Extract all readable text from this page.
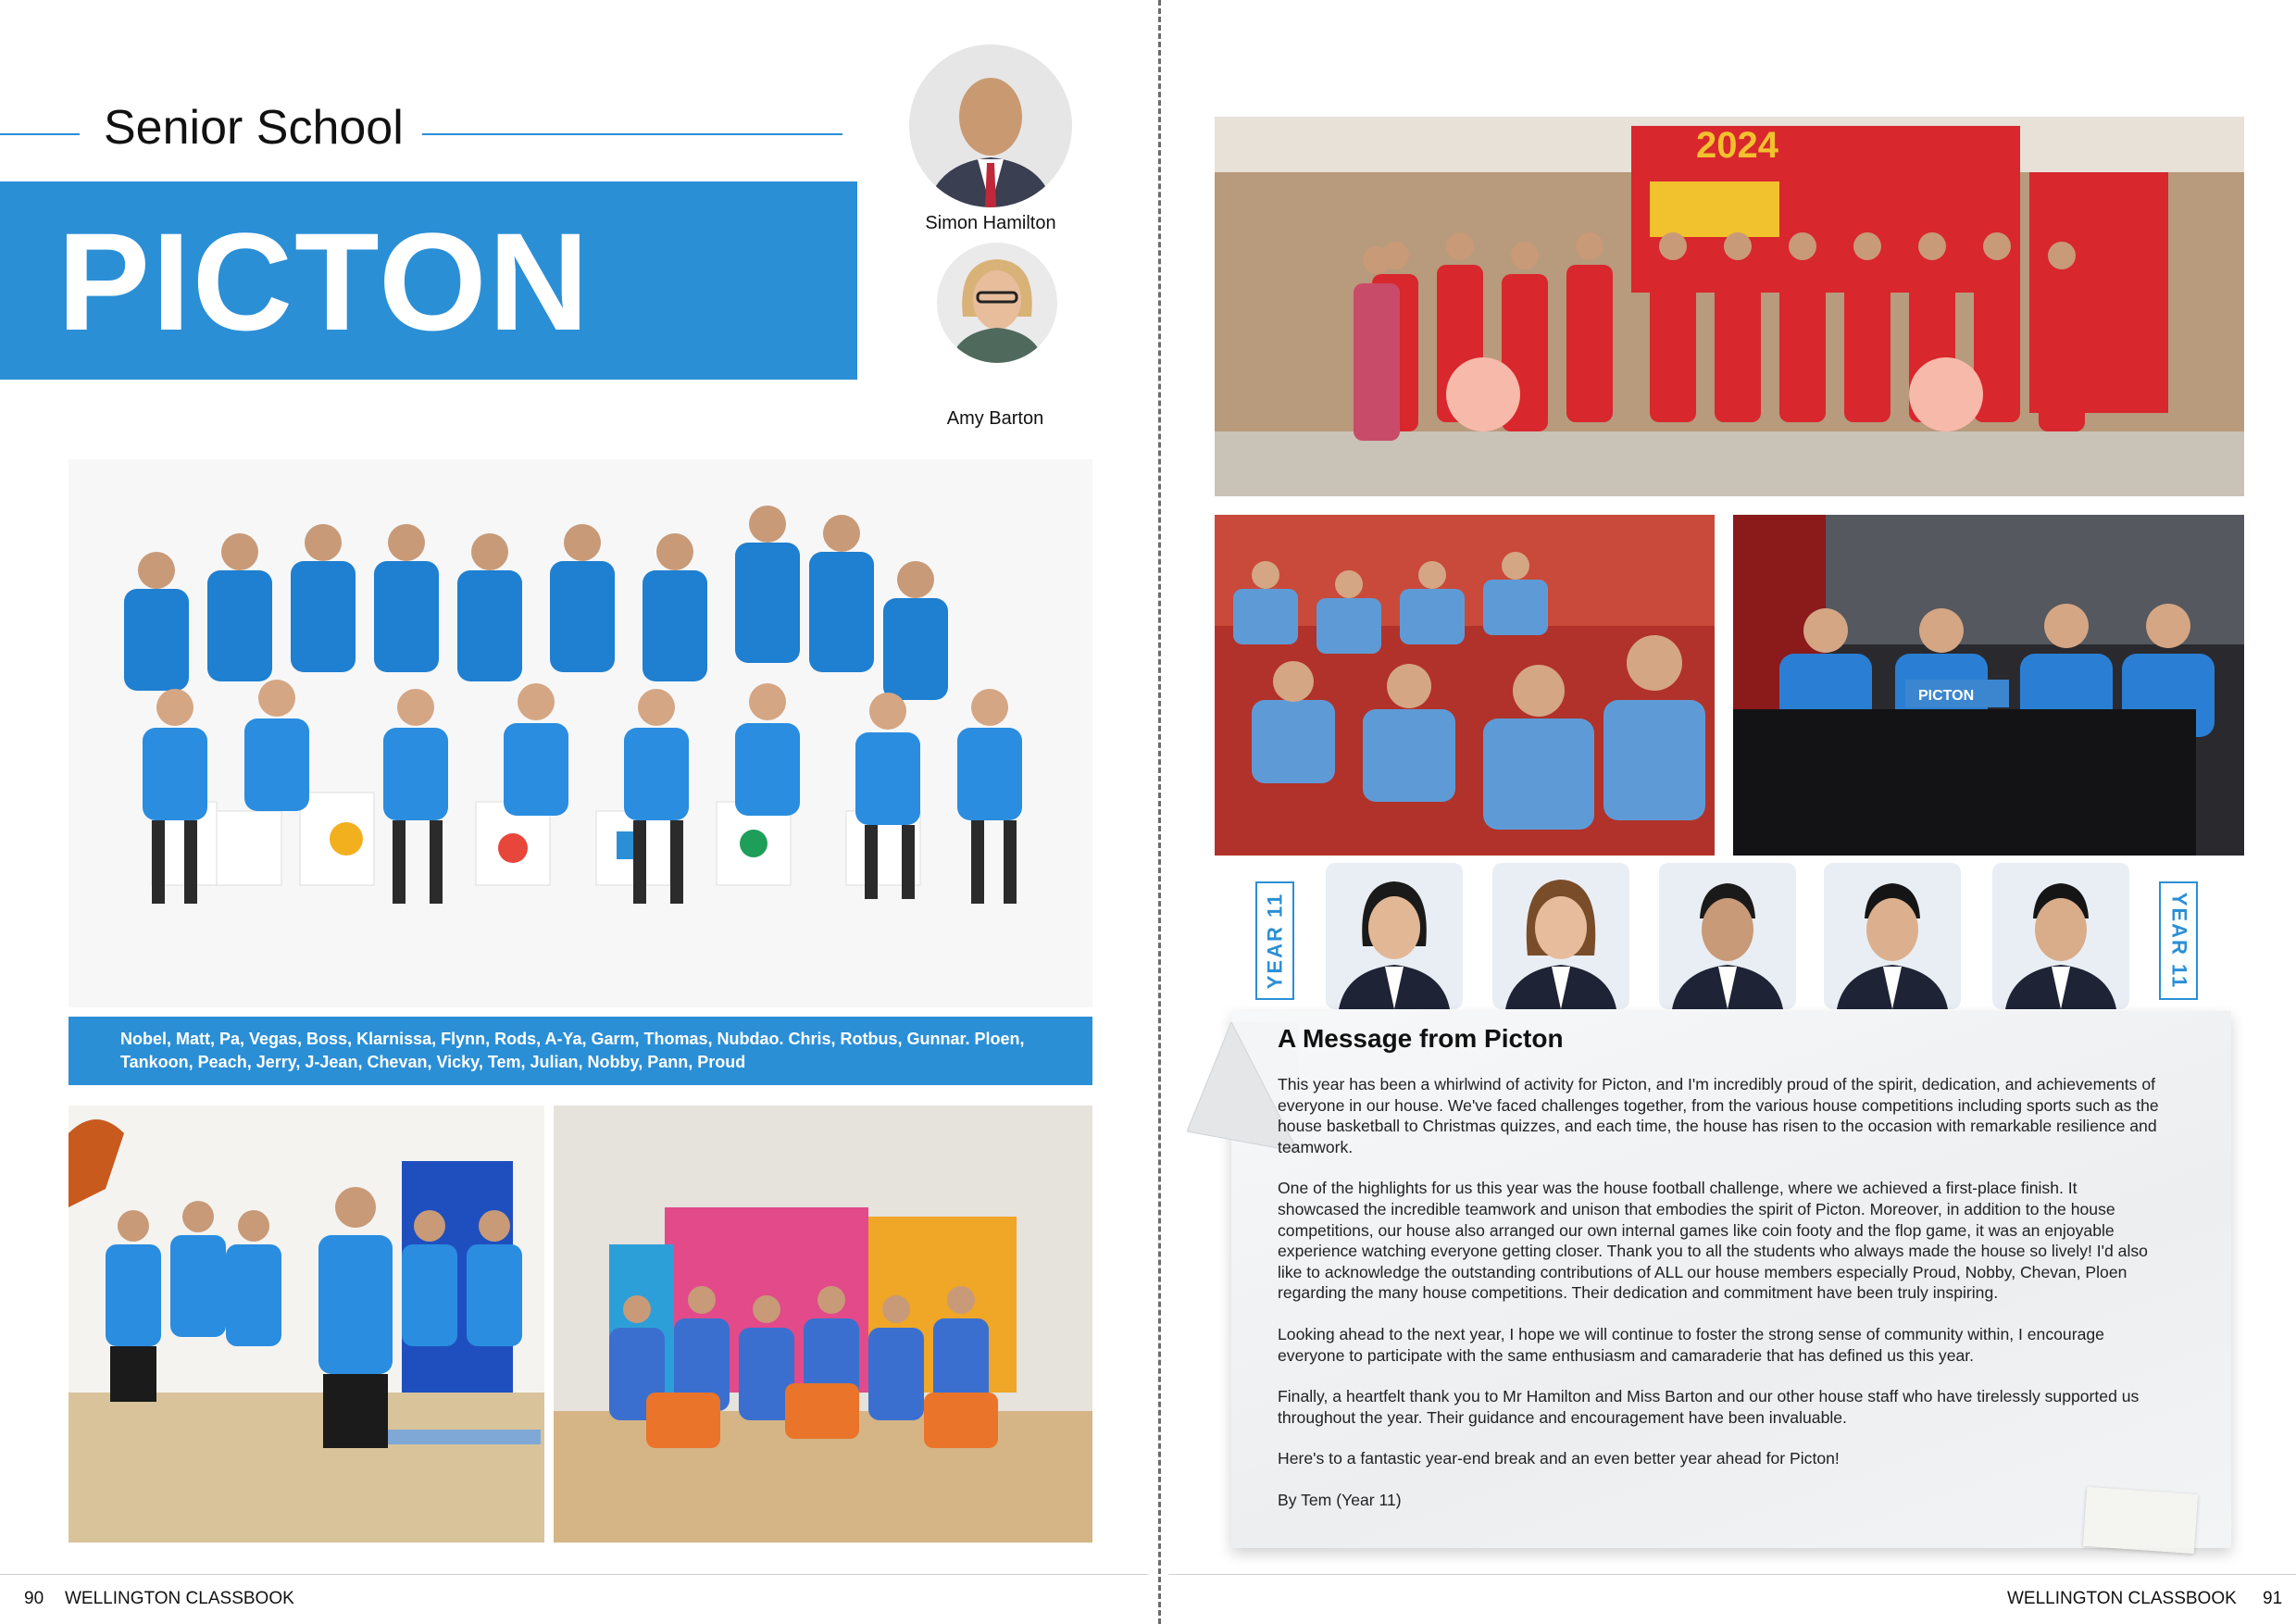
Senior School
PICTON	Simon Hamilton
Amy Barton
Nobel, Matt, Pa, Vegas, Boss, Klarnissa, Flynn, Rods, A-Ya, Garm, Thomas, Nubdao. Chris, Rotbus, Gunnar. Ploen, Tankoon, Peach, Jerry, J-Jean, Chevan, Vicky, Tem, Julian, Nobby, Pann, Proud
2024
PICTON
YEAR 11	YEAR 11
A Message from Picton

This year has been a whirlwind of activity for Picton, and I'm incredibly proud of the spirit, dedication, and achievements of everyone in our house. We've faced challenges together, from the various house competitions including sports such as the house basketball to Christmas quizzes, and each time, the house has risen to the occasion with remarkable resilience and teamwork.

One of the highlights for us this year was the house football challenge, where we achieved a first-place finish. It showcased the incredible teamwork and unison that embodies the spirit of Picton. Moreover, in addition to the house competitions, our house also arranged our own internal games like coin footy and the flop game, it was an enjoyable experience watching everyone getting closer. Thank you to all the students who always made the house so lively! I'd also like to acknowledge the outstanding contributions of ALL our house members especially Proud, Nobby, Chevan, Ploen regarding the many house competitions. Their dedication and commitment have been truly inspiring.

Looking ahead to the next year, I hope we will continue to foster the strong sense of community within, I encourage everyone to participate with the same enthusiasm and camaraderie that has defined us this year.

Finally, a heartfelt thank you to Mr Hamilton and Miss Barton and our other house staff who have tirelessly supported us throughout the year. Their guidance and encouragement have been invaluable.

Here's to a fantastic year-end break and an even better year ahead for Picton!

By Tem (Year 11)

90 WELLINGTON CLASSBOOK	WELLINGTON CLASSBOOK 91
